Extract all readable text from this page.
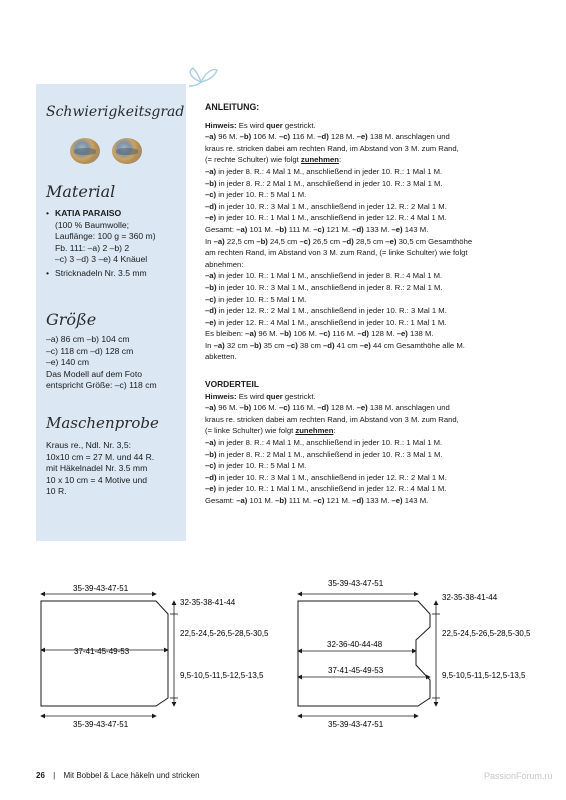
Schwierigkeitsgrad
Material
• KATIA PARAISO
(100 % Baumwolle;
Lauflänge: 100 g = 360 m)
Fb. 111: –a) 2 –b) 2
–c) 3 –d) 3 –e) 4 Knäuel
• Stricknadeln Nr. 3.5 mm
Größe
–a) 86 cm –b) 104 cm
–c) 118 cm –d) 128 cm
–e) 140 cm
Das Modell auf dem Foto
entspricht Größe: –c) 118 cm
Maschenprobe
Kraus re., Ndl. Nr. 3,5:
10x10 cm = 27 M. und 44 R.
mit Häkelnadel Nr. 3.5 mm
10 x 10 cm = 4 Motive und
10 R.
ANLEITUNG:
Hinweis: Es wird quer gestrickt.
–a) 96 M. –b) 106 M. –c) 116 M. –d) 128 M. –e) 138 M. anschlagen und
kraus re. stricken dabei am rechten Rand, im Abstand von 3 M. zum Rand,
(= rechte Schulter) wie folgt zunehmen:
–a) in jeder 8. R.: 4 Mal 1 M., anschließend in jeder 10. R.: 1 Mal 1 M.
–b) in jeder 8. R.: 2 Mal 1 M., anschließend in jeder 10. R.: 3 Mal 1 M.
–c) in jeder 10. R.: 5 Mal 1 M.
–d) in jeder 10. R.: 3 Mal 1 M., anschließend in jeder 12. R.: 2 Mal 1 M.
–e) in jeder 10. R.: 1 Mal 1 M., anschließend in jeder 12. R.: 4 Mal 1 M.
Gesamt: –a) 101 M. –b) 111 M. –c) 121 M. –d) 133 M. –e) 143 M.
In –a) 22,5 cm –b) 24,5 cm –c) 26,5 cm –d) 28,5 cm –e) 30,5 cm Gesamthöhe
am rechten Rand, im Abstand von 3 M. zum Rand, (= linke Schulter) wie folgt
abnehmen:
–a) in jeder 10. R.: 1 Mal 1 M., anschließend in jeder 8. R.: 4 Mal 1 M.
–b) in jeder 10. R.: 3 Mal 1 M., anschließend in jeder 8. R.: 2 Mal 1 M.
–c) in jeder 10. R.: 5 Mal 1 M.
–d) in jeder 12. R.: 2 Mal 1 M., anschließend in jeder 10. R.: 3 Mal 1 M.
–e) in jeder 12. R.: 4 Mal 1 M., anschließend in jeder 10. R.: 1 Mal 1 M.
Es bleiben: –a) 96 M. –b) 106 M. –c) 116 M. –d) 128 M. –e) 138 M.
In –a) 32 cm –b) 35 cm –c) 38 cm –d) 41 cm –e) 44 cm Gesamthöhe alle M.
abketten.
VORDERTEIL
Hinweis: Es wird quer gestrickt.
–a) 96 M. –b) 106 M. –c) 116 M. –d) 128 M. –e) 138 M. anschlagen und
kraus re. stricken dabei am rechten Rand, im Abstand von 3 M. zum Rand,
(= linke Schulter) wie folgt zunehmen:
–a) in jeder 8. R.: 4 Mal 1 M., anschließend in jeder 10. R.: 1 Mal 1 M.
–b) in jeder 8. R.: 2 Mal 1 M., anschließend in jeder 10. R.: 3 Mal 1 M.
–c) in jeder 10. R.: 5 Mal 1 M.
–d) in jeder 10. R.: 3 Mal 1 M., anschließend in jeder 12. R.: 2 Mal 1 M.
–e) in jeder 10. R.: 1 Mal 1 M., anschließend in jeder 12. R.: 4 Mal 1 M.
Gesamt: –a) 101 M. –b) 111 M. –c) 121 M. –d) 133 M. –e) 143 M.
35-39-43-47-51
32-35-38-41-44
22,5-24,5-26,5-28,5-30,5
37-41-45-49-53
9,5-10,5-11,5-12,5-13,5
35-39-43-47-51
35-39-43-47-51
32-35-38-41-44
22,5-24,5-26,5-28,5-30,5
32-36-40-44-48
37-41-45-49-53
9,5-10,5-11,5-12,5-13,5
35-39-43-47-51
26 | Mit Bobbel & Lace häkeln und stricken	PassionForum.ru
